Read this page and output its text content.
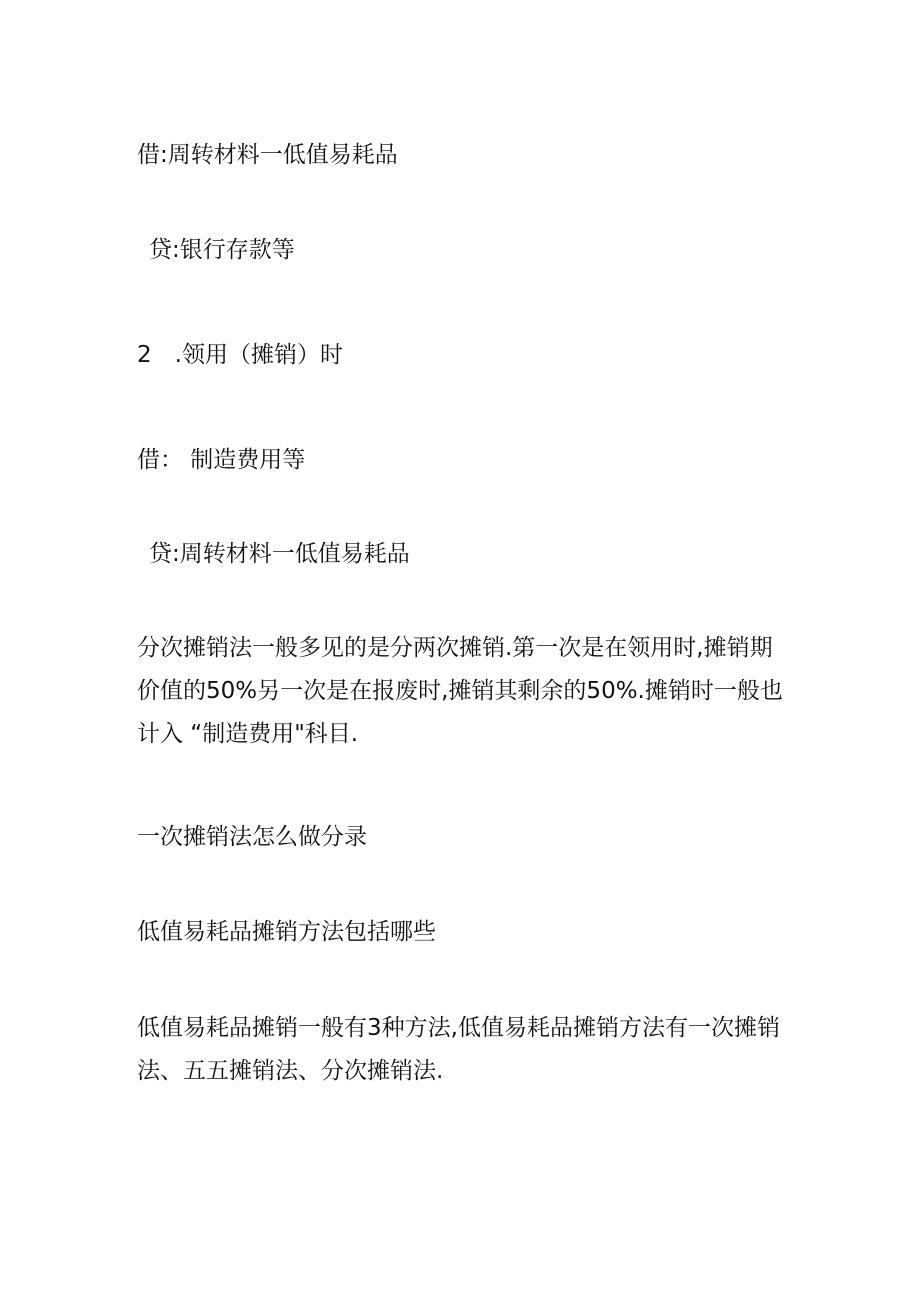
借:周转材料一低值易耗品
贷:银行存款等
2　.领用（摊销）时
借： 制造费用等
贷:周转材料一低值易耗品

分次摊销法一般多见的是分两次摊销.第一次是在领用时,摊销期

价值的50%另一次是在报废时,摊销其剩余的50%.摊销时一般也

计入 “制造费用"科目.

一次摊销法怎么做分录
低值易耗品摊销方法包括哪些

低值易耗品摊销一般有3种方法,低值易耗品摊销方法有一次摊销

法、五五摊销法、分次摊销法.
